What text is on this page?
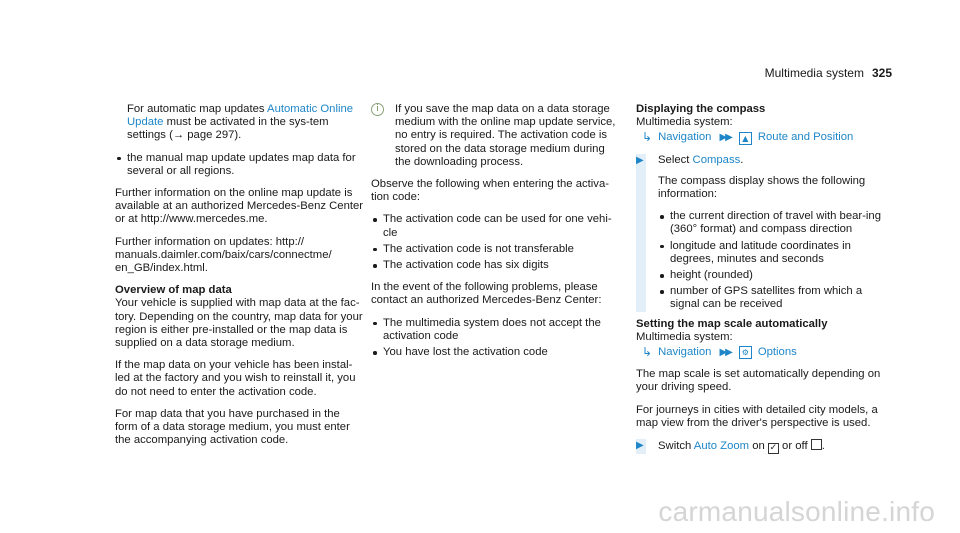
Multimedia system 325

For automatic map updates Automatic Online Update must be activated in the sys-tem settings (→ page 297).

the manual map update updates map data for several or all regions.

Further information on the online map update is available at an authorized Mercedes-Benz Center or at http://www.mercedes.me.

Further information on updates: http:// manuals.daimler.com/baix/cars/connectme/ en_GB/index.html.

Overview of map data

Your vehicle is supplied with map data at the fac-tory. Depending on the country, map data for your region is either pre-installed or the map data is supplied on a data storage medium.

If the map data on your vehicle has been instal-led at the factory and you wish to reinstall it, you do not need to enter the activation code.

For map data that you have purchased in the form of a data storage medium, you must enter the accompanying activation code.

i	If you save the map data on a data storage medium with the online map update service, no entry is required. The activation code is stored on the data storage medium during the downloading process.

Observe the following when entering the activa-tion code:

The activation code can be used for one vehi-cle
The activation code is not transferable
The activation code has six digits

In the event of the following problems, please contact an authorized Mercedes-Benz Center:

The multimedia system does not accept the activation code
You have lost the activation code

Displaying the compass

Multimedia system:

↳ Navigation ▶▶	▲ Route and Position
▶ Select Compass.

The compass display shows the following information:

the current direction of travel with bear-ing (360° format) and compass direction
longitude and latitude coordinates in degrees, minutes and seconds
height (rounded)
number of GPS satellites from which a signal can be received

Setting the map scale automatically

Multimedia system:

↳ Navigation ▶▶	⚙ Options

The map scale is set automatically depending on your driving speed.

For journeys in cities with detailed city models, a map view from the driver's perspective is used.

▶ Switch Auto Zoom on ✓ or off .
carmanualsonline.info
